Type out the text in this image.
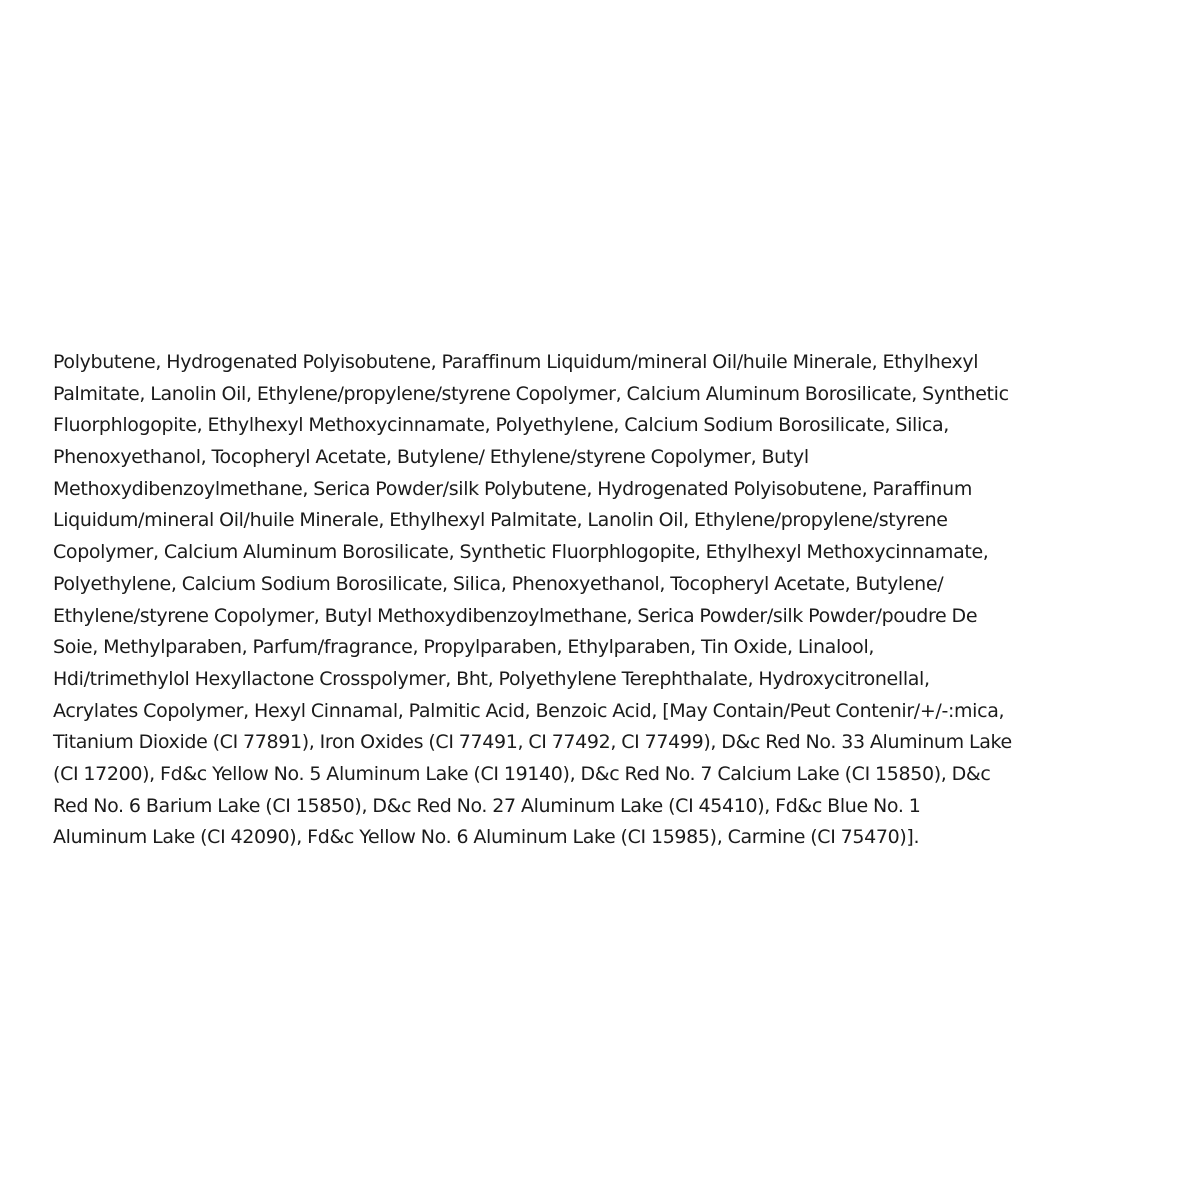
Polybutene, Hydrogenated Polyisobutene, Paraffinum Liquidum/mineral Oil/huile Minerale, Ethylhexyl
Palmitate, Lanolin Oil, Ethylene/propylene/styrene Copolymer, Calcium Aluminum Borosilicate, Synthetic
Fluorphlogopite, Ethylhexyl Methoxycinnamate, Polyethylene, Calcium Sodium Borosilicate, Silica,
Phenoxyethanol, Tocopheryl Acetate, Butylene/ Ethylene/styrene Copolymer, Butyl
Methoxydibenzoylmethane, Serica Powder/silk Polybutene, Hydrogenated Polyisobutene, Paraffinum
Liquidum/mineral Oil/huile Minerale, Ethylhexyl Palmitate, Lanolin Oil, Ethylene/propylene/styrene
Copolymer, Calcium Aluminum Borosilicate, Synthetic Fluorphlogopite, Ethylhexyl Methoxycinnamate,
Polyethylene, Calcium Sodium Borosilicate, Silica, Phenoxyethanol, Tocopheryl Acetate, Butylene/
Ethylene/styrene Copolymer, Butyl Methoxydibenzoylmethane, Serica Powder/silk Powder/poudre De
Soie, Methylparaben, Parfum/fragrance, Propylparaben, Ethylparaben, Tin Oxide, Linalool,
Hdi/trimethylol Hexyllactone Crosspolymer, Bht, Polyethylene Terephthalate, Hydroxycitronellal,
Acrylates Copolymer, Hexyl Cinnamal, Palmitic Acid, Benzoic Acid, [May Contain/Peut Contenir/+/-:mica,
Titanium Dioxide (CI 77891), Iron Oxides (CI 77491, CI 77492, CI 77499), D&c Red No. 33 Aluminum Lake
(CI 17200), Fd&c Yellow No. 5 Aluminum Lake (CI 19140), D&c Red No. 7 Calcium Lake (CI 15850), D&c
Red No. 6 Barium Lake (CI 15850), D&c Red No. 27 Aluminum Lake (CI 45410), Fd&c Blue No. 1
Aluminum Lake (CI 42090), Fd&c Yellow No. 6 Aluminum Lake (CI 15985), Carmine (CI 75470)].
